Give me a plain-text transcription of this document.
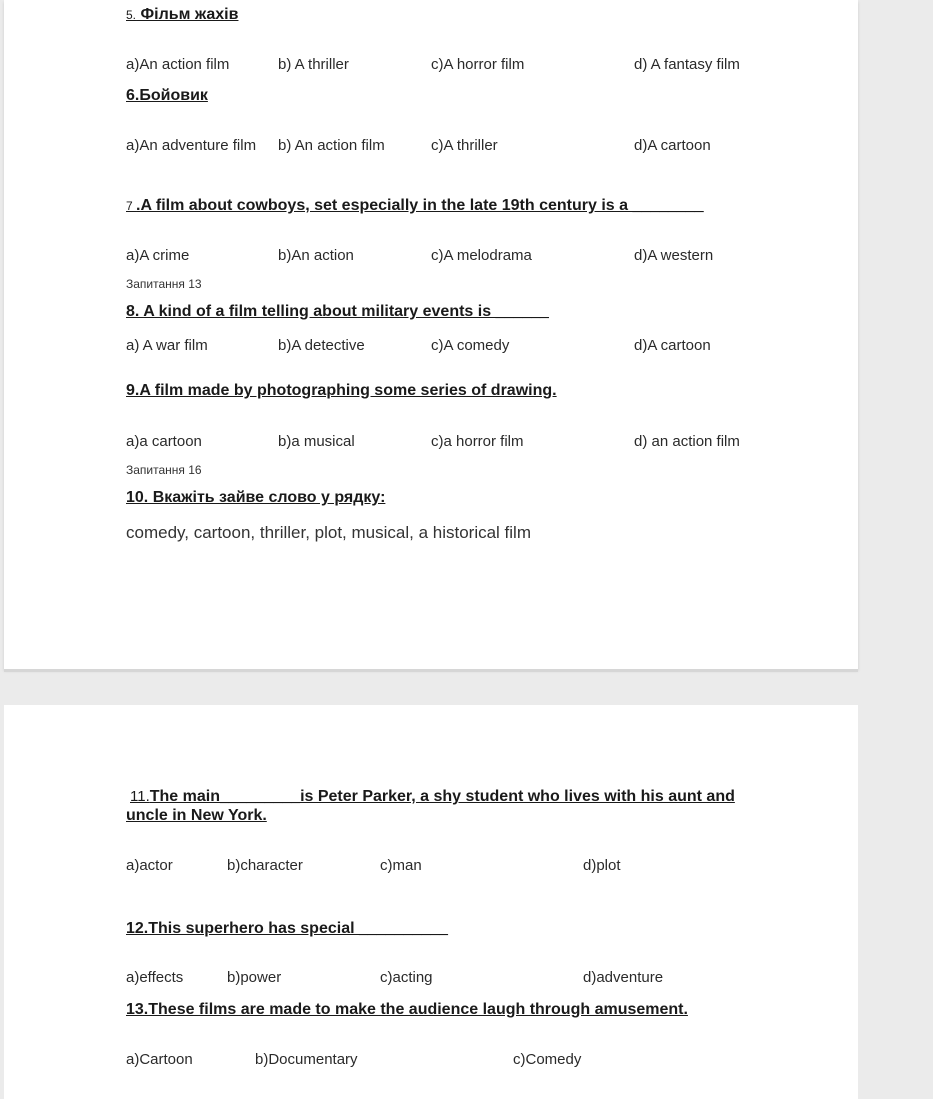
5. Фільм жахів
a)An action film	b) A thriller	c)A horror film	d) A fantasy film
6.Бойовик
a)An adventure film b) An action film	c)A thriller	d)A cartoon
7 .A film about cowboys, set especially in the late 19th century is a ________
a)A crime	b)An action	c)A melodrama	d)A western
Запитання 13
8. A kind of a film telling about military events is ______
a) A war film	b)A detective	c)A comedy	d)A cartoon
9.A film made by photographing some series of drawing.
a)a cartoon	b)a musical	c)a horror film	d) an action film
Запитання 16
10. Вкажіть зайве слово у рядку:
comedy, cartoon, thriller, plot, musical, a historical film
11.The main_________is Peter Parker, a shy student who lives with his aunt and
uncle in New York.
a)actor	b)character	c)man	d)plot
12.This superhero has special __________
a)effects	b)power	c)acting	d)adventure
13.These films are made to make the audience laugh through amusement.
a)Cartoon	b)Documentary	c)Comedy
